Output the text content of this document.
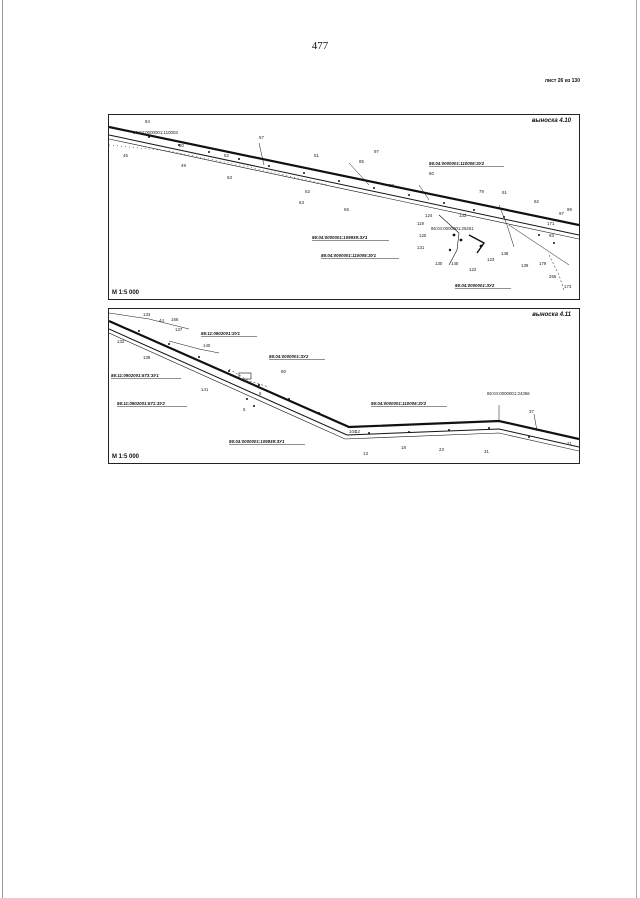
477
лист 26 из 130
84
45
30
49
57
51
52
53
85
97
62
65
80
79	91
92
97
99
171
124
119
120
131
130 145
122
123
148
139 179
265
173
93
133
87
63
86:04:0000001:110003
86:04:0000001:26251
86:04:0000001:110005:ЗУ2
86:04:0000001:109939:ЗУ1
86:04:0000001:110005:ЗУ1
86:04:0000001:ЗУ2
выноска 4.10
М 1:5 000
133
44 166
132
137
138
140
141
80
6
5
12
13
18	23	31
37
21
104
86:04:0000001:24366
86:11:0902001:ЗУ1
86:04:0000001:ЗУ2
86:11:0902001:573:ЗУ1
86:11:0902001:571:ЗУ2	86:04:0000001:110005:ЗУ2
86:04:0000001:109939:ЗУ1
выноска 4.11
М 1:5 000
